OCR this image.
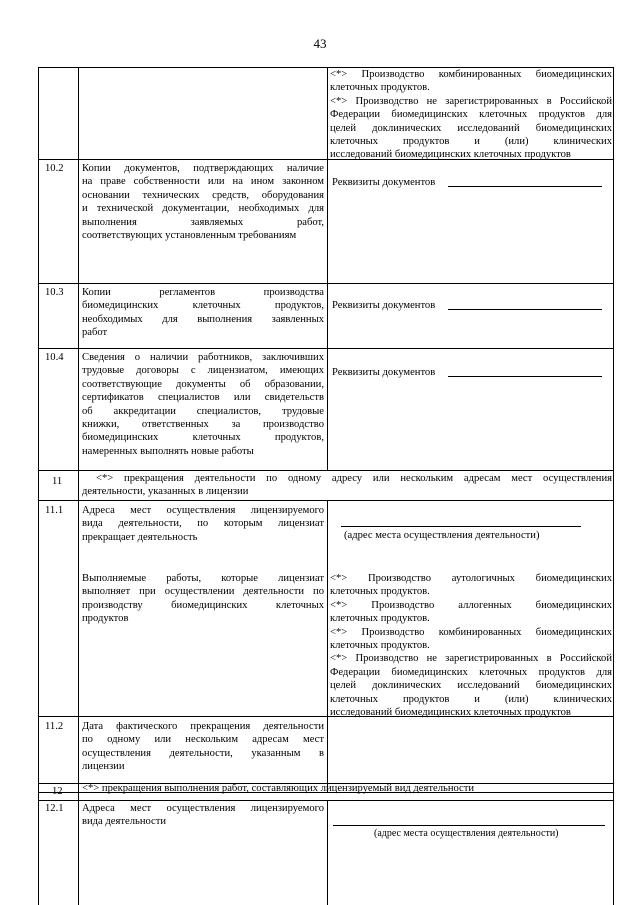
43
<*> Производство комбинированных биомедицинских
клеточных продуктов.
<*> Производство не зарегистрированных в Российской
Федерации биомедицинских клеточных продуктов для
целей доклинических исследований биомедицинских
клеточных продуктов и (или) клинических
исследований биомедицинских клеточных продуктов
10.2 Копии документов, подтверждающих наличие
на праве собственности или на ином законном
основании технических средств, оборудования
и технической документации, необходимых для
выполнения заявляемых работ,
соответствующих установленным требованиям
Реквизиты документов
10.3 Копии регламентов производства
биомедицинских клеточных продуктов,
необходимых для выполнения заявленных
работ
Реквизиты документов
10.4 Сведения о наличии работников, заключивших
трудовые договоры с лицензиатом, имеющих
соответствующие документы об образовании,
сертификатов специалистов или свидетельств
об аккредитации специалистов, трудовые
книжки, ответственных за производство
биомедицинских клеточных продуктов,
намеренных выполнять новые работы
Реквизиты документов
11	<*> прекращения деятельности по одному адресу или нескольким адресам мест осуществления
деятельности, указанных в лицензии
11.1 Адреса мест осуществления лицензируемого
вида деятельности, по которым лицензиат
прекращает деятельность	(адрес места осуществления деятельности)
Выполняемые работы, которые лицензиат
выполняет при осуществлении деятельности по
производству биомедицинских клеточных
продуктов
<*> Производство аутологичных биомедицинских
клеточных продуктов.
<*> Производство аллогенных биомедицинских
клеточных продуктов.
<*> Производство комбинированных биомедицинских
клеточных продуктов.
<*> Производство не зарегистрированных в Российской
Федерации биомедицинских клеточных продуктов для
целей доклинических исследований биомедицинских
клеточных продуктов и (или) клинических
исследований биомедицинских клеточных продуктов
11.2 Дата фактического прекращения деятельности
по одному или нескольким адресам мест
осуществления деятельности, указанным в
лицензии
12 <*> прекращения выполнения работ, составляющих лицензируемый вид деятельности
12.1 Адреса мест осуществления лицензируемого
вида деятельности
(адрес места осуществления деятельности)
